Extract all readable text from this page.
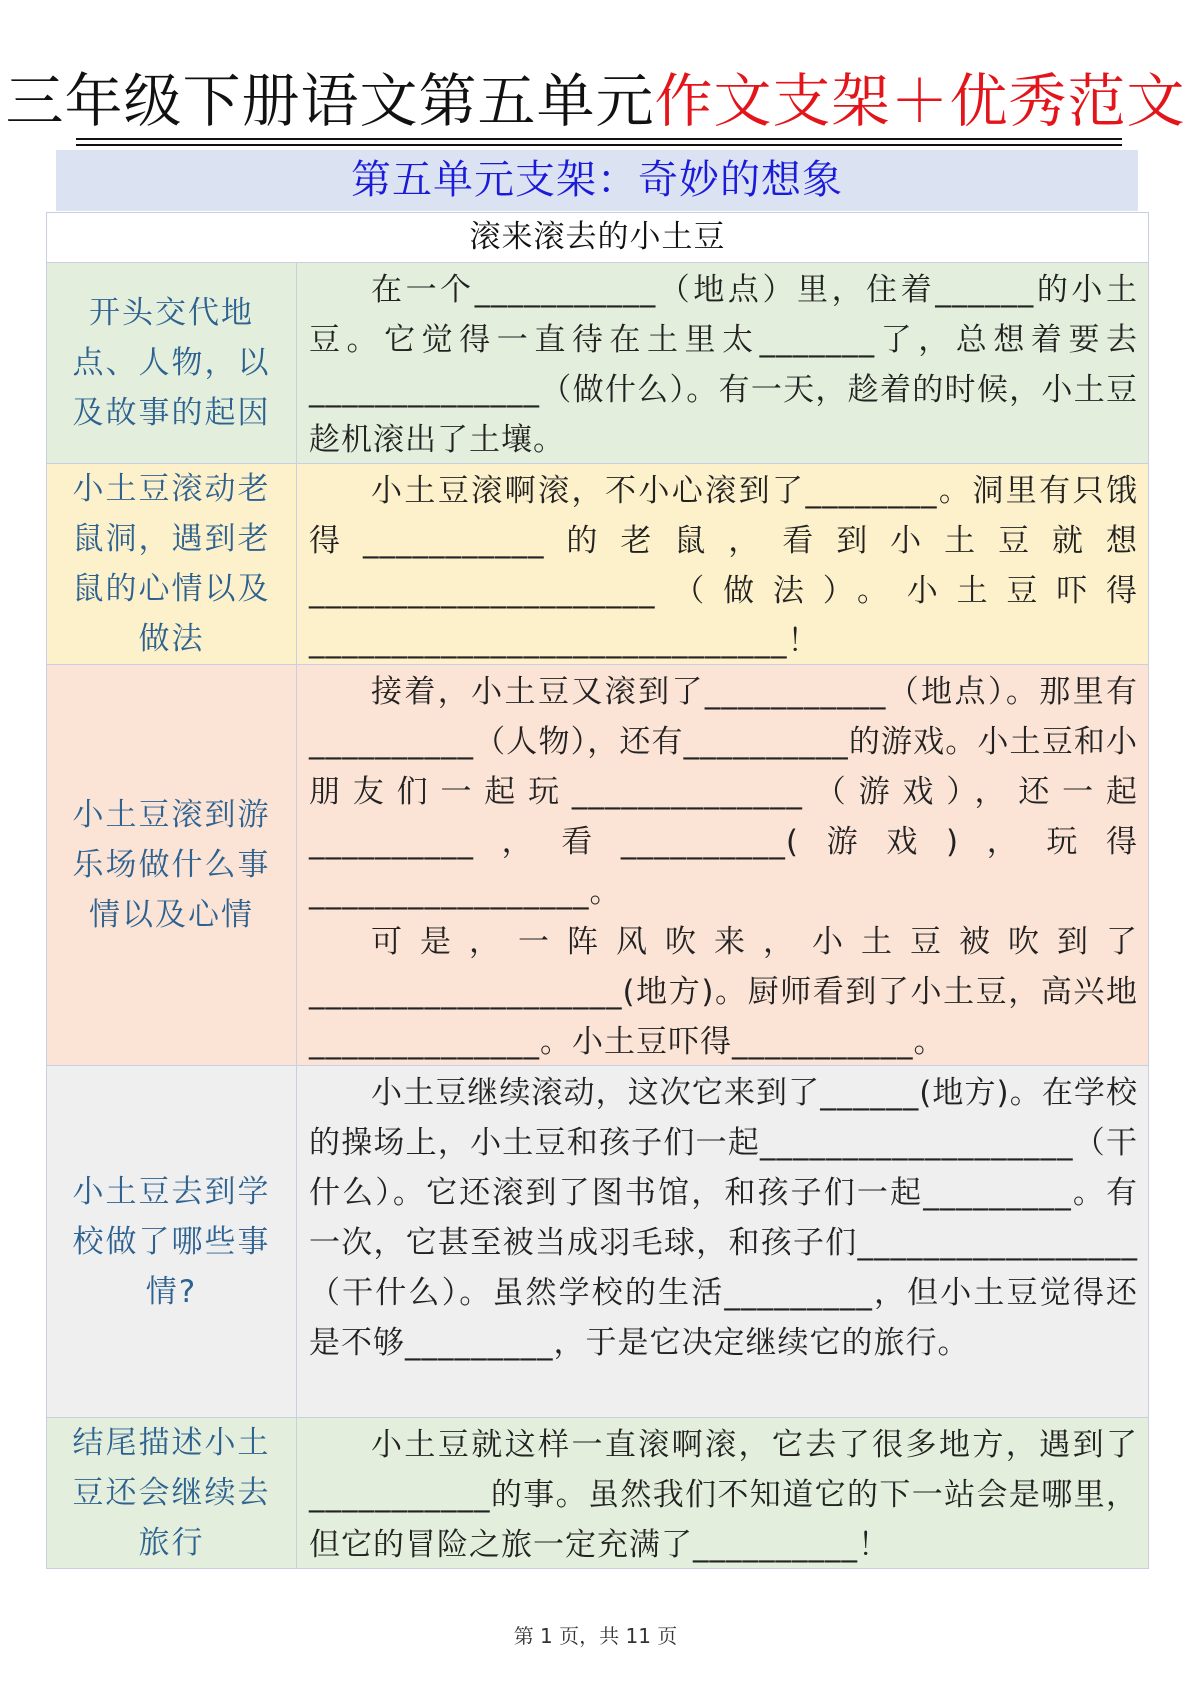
三年级下册语文第五单元作文支架＋优秀范文
第五单元支架：奇妙的想象
滚来滚去的小土豆
开头交代地点、人物，以及故事的起因

在一个___________（地点）里，住着______的小土豆。它觉得一直待在土里太_______了，总想着要去______________（做什么）。有一天，趁着的时候，小土豆趁机滚出了土壤。

小土豆滚动老鼠洞，遇到老鼠的心情以及做法

小土豆滚啊滚，不小心滚到了________。洞里有只饿得___________的老鼠，看到小土豆就想_____________________（做法）。小土豆吓得_____________________________！

小土豆滚到游乐场做什么事情以及心情

接着，小土豆又滚到了___________（地点）。那里有__________（人物），还有__________的游戏。小土豆和小朋友们一起玩______________（游戏），还一起__________，看__________(游戏)，玩得_________________。

可是，一阵风吹来，小土豆被吹到了___________________(地方)。厨师看到了小土豆，高兴地______________。小土豆吓得___________。

小土豆去到学校做了哪些事情?

小土豆继续滚动，这次它来到了______(地方)。在学校的操场上，小土豆和孩子们一起___________________（干什么）。它还滚到了图书馆，和孩子们一起_________。有一次，它甚至被当成羽毛球，和孩子们_________________（干什么）。虽然学校的生活_________，但小土豆觉得还是不够_________，于是它决定继续它的旅行。

结尾描述小土豆还会继续去旅行

小土豆就这样一直滚啊滚，它去了很多地方，遇到了___________的事。虽然我们不知道它的下一站会是哪里，但它的冒险之旅一定充满了__________！

第 1 页，共 11 页
